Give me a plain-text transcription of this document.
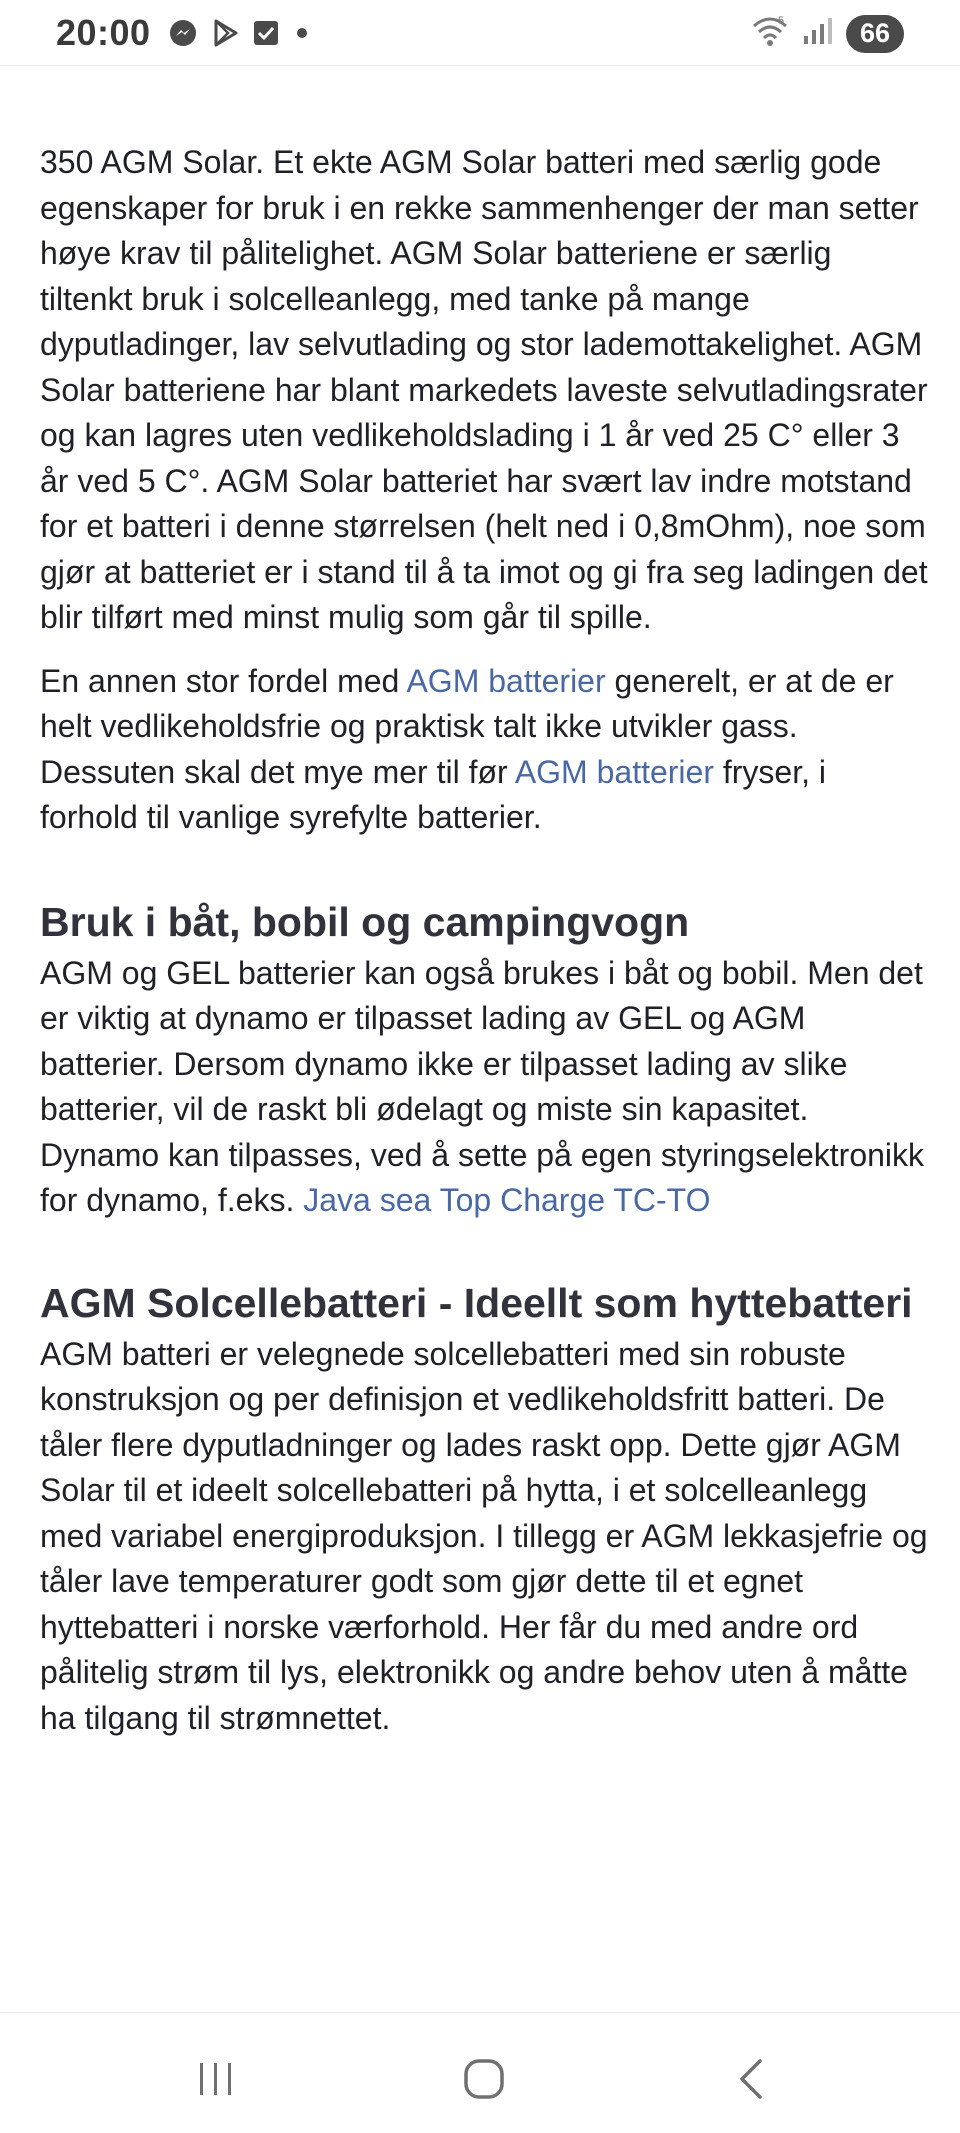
20:00	5	66

350 AGM Solar. Et ekte AGM Solar batteri med særlig gode egenskaper for bruk i en rekke sammenhenger der man setter høye krav til pålitelighet. AGM Solar batteriene er særlig tiltenkt bruk i solcelleanlegg, med tanke på mange dyputladinger, lav selvutlading og stor lademottakelighet. AGM Solar batteriene har blant markedets laveste selvutladingsrater og kan lagres uten vedlikeholdslading i 1 år ved 25 C° eller 3 år ved 5 C°. AGM Solar batteriet har svært lav indre motstand for et batteri i denne størrelsen (helt ned i 0,8mOhm), noe som gjør at batteriet er i stand til å ta imot og gi fra seg ladingen det blir tilført med minst mulig som går til spille.

En annen stor fordel med AGM batterier generelt, er at de er helt vedlikeholdsfrie og praktisk talt ikke utvikler gass. Dessuten skal det mye mer til før AGM batterier fryser, i forhold til vanlige syrefylte batterier.

Bruk i båt, bobil og campingvogn

AGM og GEL batterier kan også brukes i båt og bobil. Men det er viktig at dynamo er tilpasset lading av GEL og AGM batterier. Dersom dynamo ikke er tilpasset lading av slike batterier, vil de raskt bli ødelagt og miste sin kapasitet. Dynamo kan tilpasses, ved å sette på egen styringselektronikk for dynamo, f.eks. Java sea Top Charge TC-TO

AGM Solcellebatteri - Ideellt som hyttebatteri

AGM batteri er velegnede solcellebatteri med sin robuste konstruksjon og per definisjon et vedlikeholdsfritt batteri. De tåler flere dyputladninger og lades raskt opp. Dette gjør AGM Solar til et ideelt solcellebatteri på hytta, i et solcelleanlegg med variabel energiproduksjon. I tillegg er AGM lekkasjefrie og tåler lave temperaturer godt som gjør dette til et egnet hyttebatteri i norske værforhold. Her får du med andre ord pålitelig strøm til lys, elektronikk og andre behov uten å måtte ha tilgang til strømnettet.
